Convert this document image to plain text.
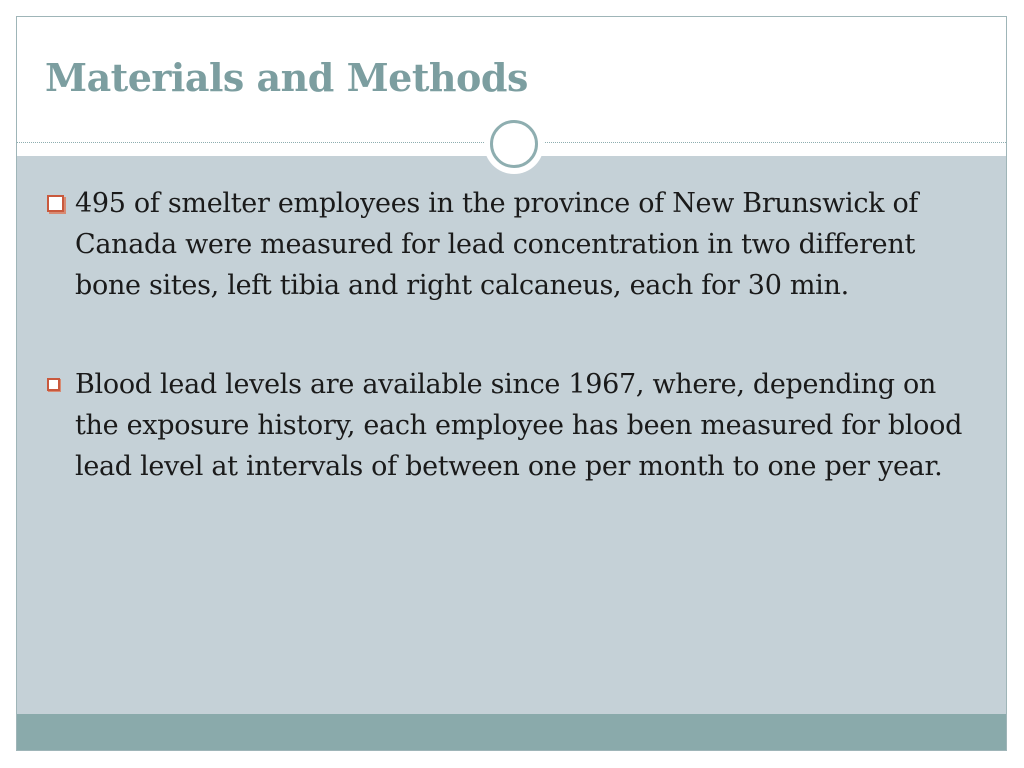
Materials and Methods
495 of smelter employees in the province of New Brunswick of Canada were measured for lead concentration in two different bone sites, left tibia and right calcaneus, each for 30 min.
Blood lead levels are available since 1967, where, depending on the exposure history, each employee has been measured for blood lead level at intervals of between one per month to one per year.
